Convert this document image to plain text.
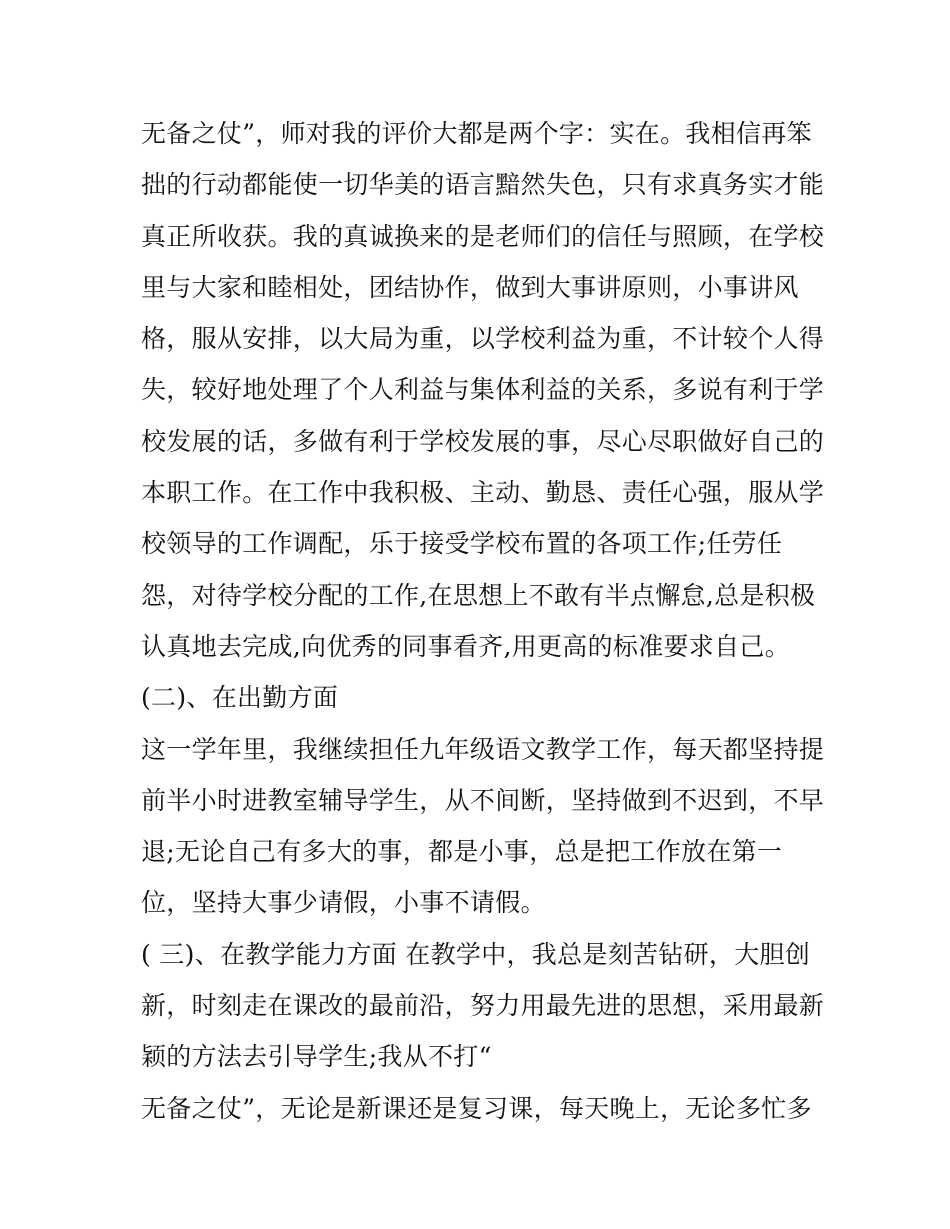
无备之仗”，师对我的评价大都是两个字：实在。我相信再笨
拙的行动都能使一切华美的语言黯然失色，只有求真务实才能
真正所收获。我的真诚换来的是老师们的信任与照顾，在学校
里与大家和睦相处，团结协作，做到大事讲原则，小事讲风
格，服从安排，以大局为重，以学校利益为重，不计较个人得
失，较好地处理了个人利益与集体利益的关系，多说有利于学
校发展的话，多做有利于学校发展的事，尽心尽职做好自己的
本职工作。在工作中我积极、主动、勤恳、责任心强，服从学
校领导的工作调配，乐于接受学校布置的各项工作;任劳任
怨，对待学校分配的工作,在思想上不敢有半点懈怠,总是积极
认真地去完成,向优秀的同事看齐,用更高的标准要求自己。
(二)、在出勤方面
这一学年里，我继续担任九年级语文教学工作，每天都坚持提
前半小时进教室辅导学生，从不间断，坚持做到不迟到，不早
退;无论自己有多大的事，都是小事，总是把工作放在第一
位，坚持大事少请假，小事不请假。
( 三)、在教学能力方面 在教学中，我总是刻苦钻研，大胆创
新，时刻走在课改的最前沿，努力用最先进的思想，采用最新
颖的方法去引导学生;我从不打“
无备之仗”，无论是新课还是复习课，每天晚上，无论多忙多
